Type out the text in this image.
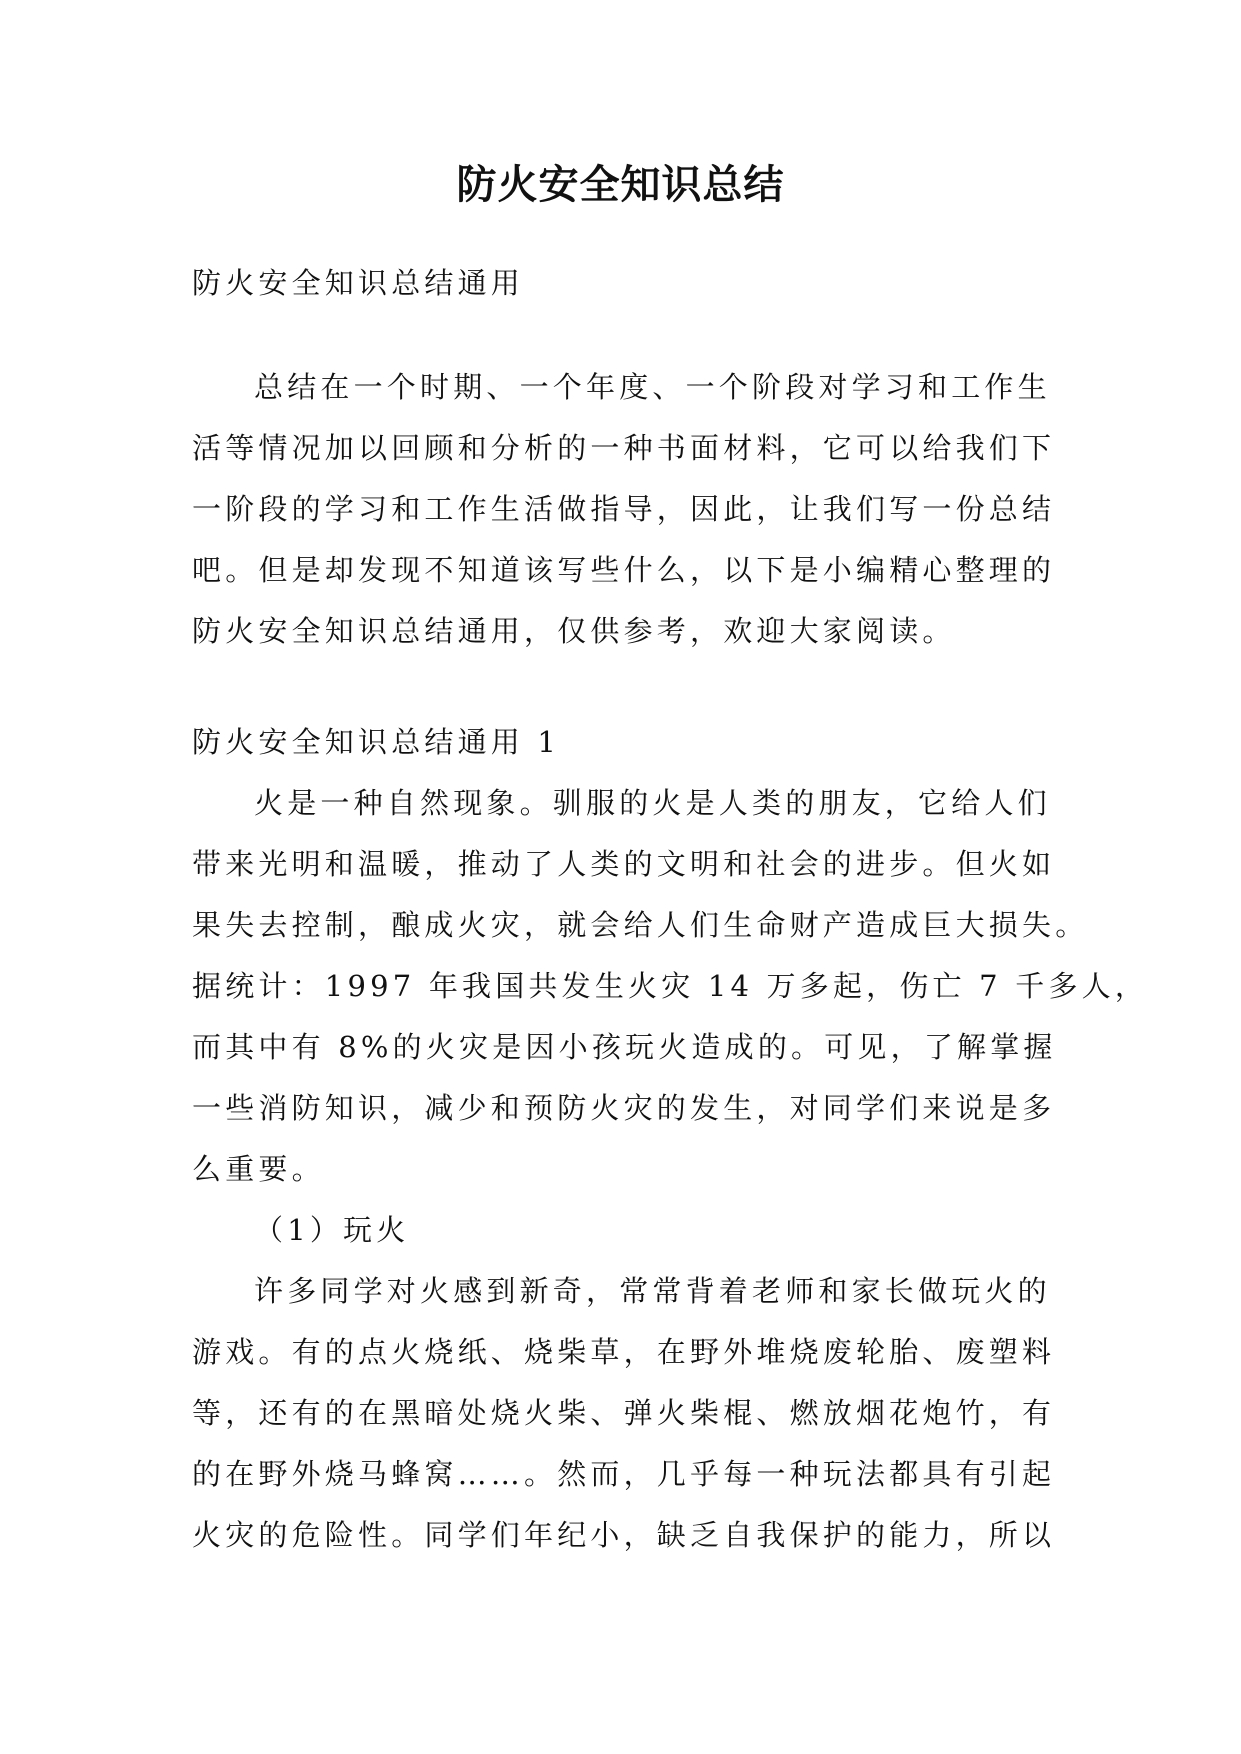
防火安全知识总结
防火安全知识总结通用
总结在一个时期、一个年度、一个阶段对学习和工作生
活等情况加以回顾和分析的一种书面材料，它可以给我们下
一阶段的学习和工作生活做指导，因此，让我们写一份总结
吧。但是却发现不知道该写些什么，以下是小编精心整理的
防火安全知识总结通用，仅供参考，欢迎大家阅读。
防火安全知识总结通用 1
火是一种自然现象。驯服的火是人类的朋友，它给人们
带来光明和温暖，推动了人类的文明和社会的进步。但火如
果失去控制，酿成火灾，就会给人们生命财产造成巨大损失。
据统计：1997 年我国共发生火灾 14 万多起，伤亡 7 千多人，
而其中有 8%的火灾是因小孩玩火造成的。可见，了解掌握
一些消防知识，减少和预防火灾的发生，对同学们来说是多
么重要。
（1）玩火
许多同学对火感到新奇，常常背着老师和家长做玩火的
游戏。有的点火烧纸、烧柴草，在野外堆烧废轮胎、废塑料
等，还有的在黑暗处烧火柴、弹火柴棍、燃放烟花炮竹，有
的在野外烧马蜂窝……。然而，几乎每一种玩法都具有引起
火灾的危险性。同学们年纪小，缺乏自我保护的能力，所以
